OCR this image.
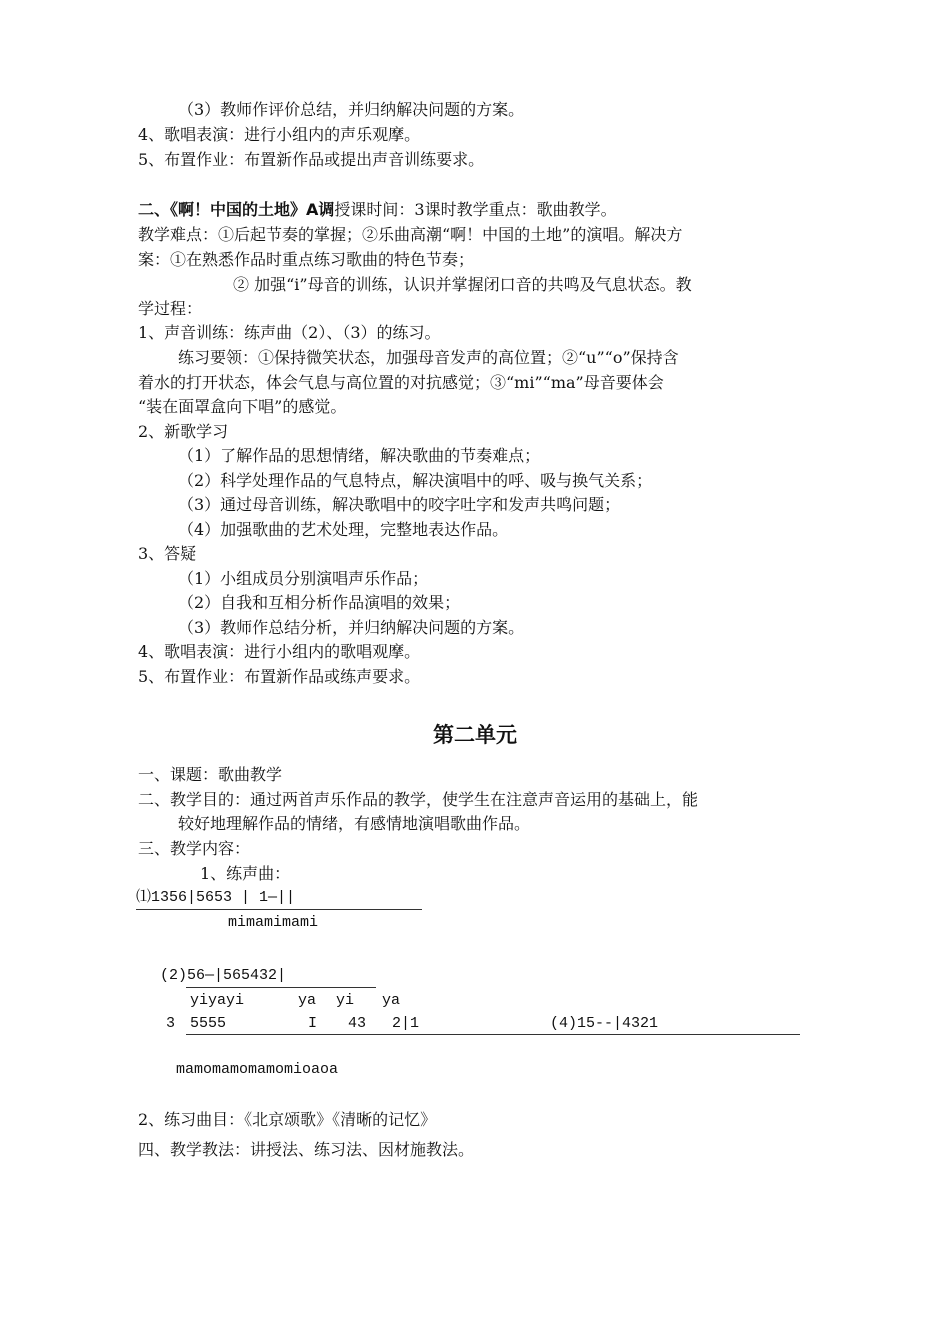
（3）教师作评价总结，并归纳解决问题的方案。
4、歌唱表演：进行小组内的声乐观摩。
5、布置作业：布置新作品或提出声音训练要求。
二、《啊！中国的土地》A调授课时间：3课时教学重点：歌曲教学。
教学难点：①后起节奏的掌握；②乐曲高潮“啊！中国的土地”的演唱。解决方
案：①在熟悉作品时重点练习歌曲的特色节奏；
② 加强“i”母音的训练，认识并掌握闭口音的共鸣及气息状态。教
学过程：
1、声音训练：练声曲（2）、（3）的练习。
练习要领：①保持微笑状态，加强母音发声的高位置；②“u”“o”保持含
着水的打开状态，体会气息与高位置的对抗感觉；③“mi”“ma”母音要体会
“装在面罩盒向下唱”的感觉。
2、新歌学习
（1）了解作品的思想情绪，解决歌曲的节奏难点；
（2）科学处理作品的气息特点，解决演唱中的呼、吸与换气关系；
（3）通过母音训练，解决歌唱中的咬字吐字和发声共鸣问题；
（4）加强歌曲的艺术处理，完整地表达作品。
3、答疑
（1）小组成员分别演唱声乐作品；
（2）自我和互相分析作品演唱的效果；
（3）教师作总结分析，并归纳解决问题的方案。
4、歌唱表演：进行小组内的歌唱观摩。
5、布置作业：布置新作品或练声要求。
第二单元
一、课题：歌曲教学
二、教学目的：通过两首声乐作品的教学，使学生在注意声音运用的基础上，能
较好地理解作品的情绪，有感情地演唱歌曲作品。
三、教学内容：
1、练声曲：
⑴1356|5653 | 1—||
mimamimami
(2)56—|565432|
yiyayi	ya yi ya
3 5555	I 43 2|1	(4)15--|4321
mamomamomamomioaoa
2、练习曲目：《北京颂歌》《清晰的记忆》
四、教学教法：讲授法、练习法、因材施教法。
